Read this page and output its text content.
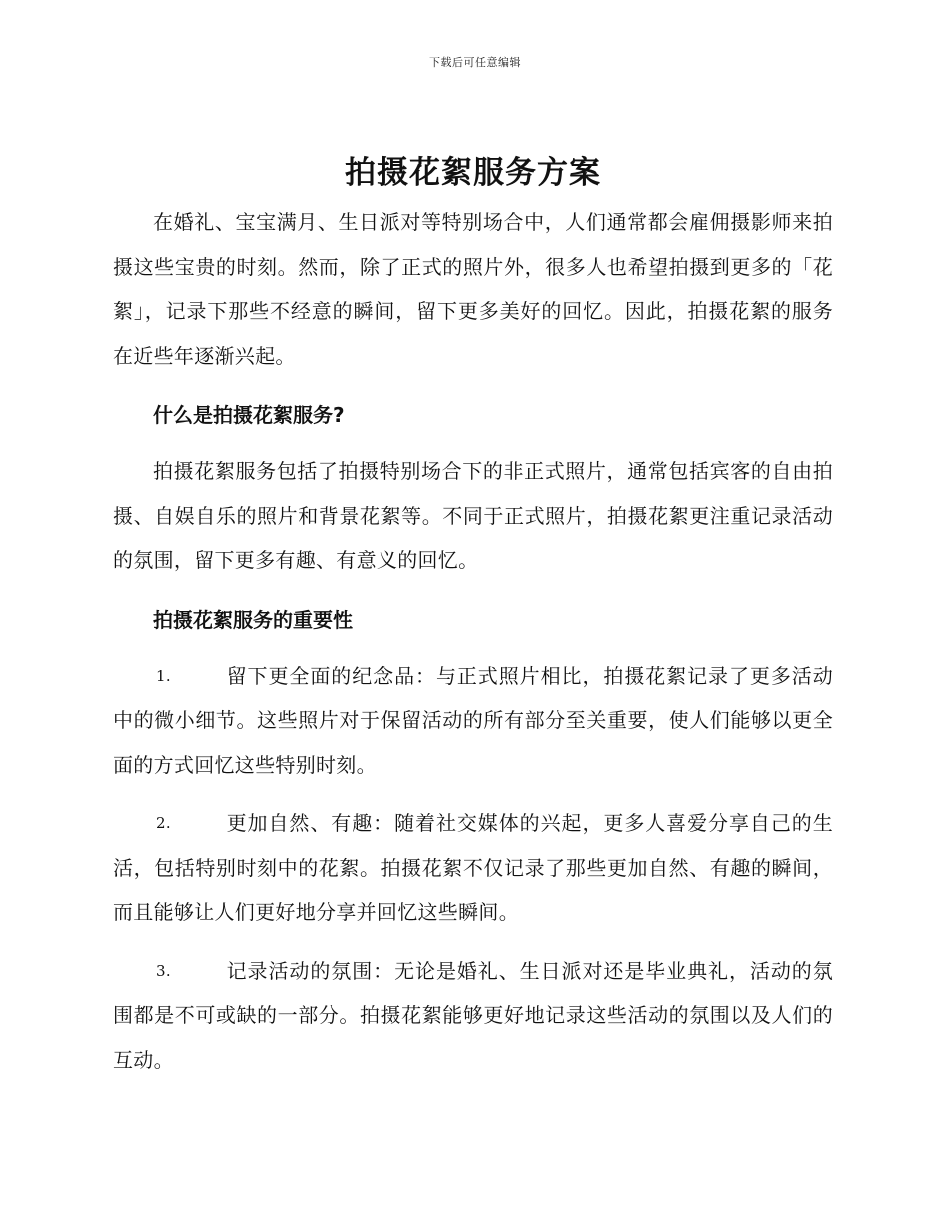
下载后可任意编辑
拍摄花絮服务方案

在婚礼、宝宝满月、生日派对等特别场合中，人们通常都会雇佣摄影师来拍摄这些宝贵的时刻。然而，除了正式的照片外，很多人也希望拍摄到更多的「花絮」，记录下那些不经意的瞬间，留下更多美好的回忆。因此，拍摄花絮的服务在近些年逐渐兴起。

什么是拍摄花絮服务?

拍摄花絮服务包括了拍摄特别场合下的非正式照片，通常包括宾客的自由拍摄、自娱自乐的照片和背景花絮等。不同于正式照片，拍摄花絮更注重记录活动的氛围，留下更多有趣、有意义的回忆。

拍摄花絮服务的重要性

1.	留下更全面的纪念品：与正式照片相比，拍摄花絮记录了更多活动中的微小细节。这些照片对于保留活动的所有部分至关重要，使人们能够以更全面的方式回忆这些特别时刻。

2.	更加自然、有趣：随着社交媒体的兴起，更多人喜爱分享自己的生活，包括特别时刻中的花絮。拍摄花絮不仅记录了那些更加自然、有趣的瞬间，而且能够让人们更好地分享并回忆这些瞬间。

3.	记录活动的氛围：无论是婚礼、生日派对还是毕业典礼，活动的氛围都是不可或缺的一部分。拍摄花絮能够更好地记录这些活动的氛围以及人们的互动。
